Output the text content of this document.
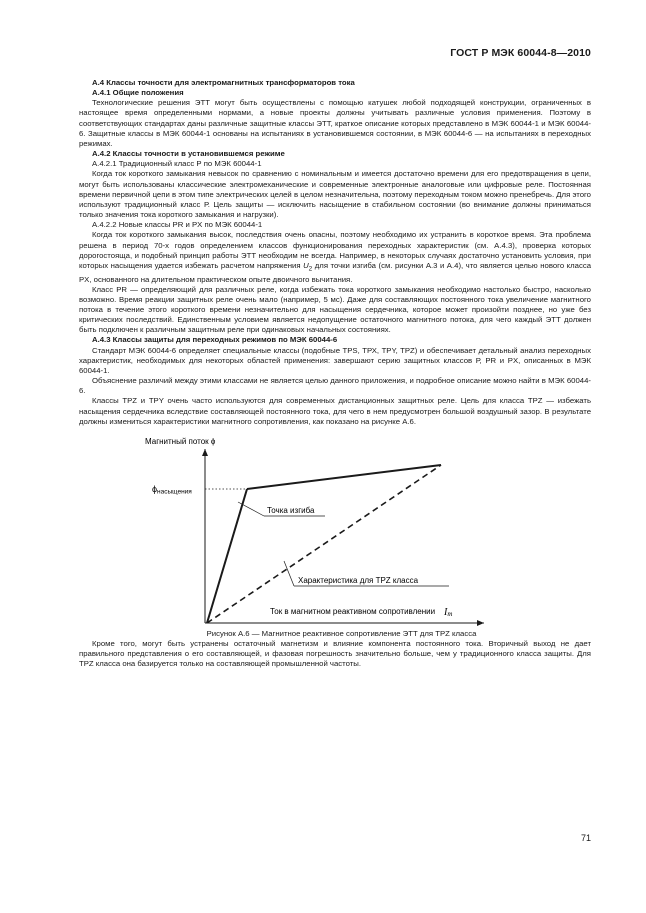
ГОСТ Р МЭК 60044-8—2010

А.4 Классы точности для электромагнитных трансформаторов тока

А.4.1 Общие положения

Технологические решения ЭТТ могут быть осуществлены с помощью катушек любой подходящей конструкции, ограниченных в настоящее время определенными нормами, а новые проекты должны учитывать различные условия применения. Поэтому в соответствующих стандартах даны различные защитные классы ЭТТ, краткое описание которых представлено в МЭК 60044-1 и МЭК 60044-6. Защитные классы в МЭК 60044-1 основаны на испытаниях в установившемся состоянии, в МЭК 60044-6 — на испытаниях в переходных режимах.

А.4.2 Классы точности в установившемся режиме

А.4.2.1 Традиционный класс Р по МЭК 60044-1

Когда ток короткого замыкания невысок по сравнению с номинальным и имеется достаточно времени для его предотвращения в цепи, могут быть использованы классические электромеханические и современные электронные аналоговые или цифровые реле. Постоянная времени первичной цепи в этом типе электрических целей в целом незначительна, поэтому переходным током можно пренебречь. Для этого используют традиционный класс Р. Цель защиты — исключить насыщение в стабильном состоянии (во внимание должны приниматься только значения тока короткого замыкания и нагрузки).

А.4.2.2 Новые классы PR и PX по МЭК 60044-1

Когда ток короткого замыкания высок, последствия очень опасны, поэтому необходимо их устранить в короткое время. Эта проблема решена в период 70-х годов определением классов функционирования переходных характеристик (см. А.4.3), проверка которых дорогостояща, и подобный принцип работы ЭТТ необходим не всегда. Например, в некоторых случаях достаточно установить условия, при которых насыщения удается избежать расчетом напряжения $U_2$ для точки изгиба (см. рисунки А.3 и А.4), что является целью нового класса PX, основанного на длительном практическом опыте двоичного вычитания.

Класс PR — определяющий для различных реле, когда избежать тока короткого замыкания необходимо настолько быстро, насколько возможно. Время реакции защитных реле очень мало (например, 5 мс). Даже для составляющих постоянного тока увеличение магнитного потока в течение этого короткого времени незначительно для насыщения сердечника, которое может произойти позднее, но уже без критических последствий. Единственным условием является недопущение остаточного магнитного потока, для чего каждый ЭТТ должен быть подключен к различным защитным реле при одинаковых начальных состояниях.

А.4.3 Классы защиты для переходных режимов по МЭК 60044-6

Стандарт МЭК 60044-6 определяет специальные классы (подобные TPS, ТРХ, TPY, TPZ) и обеспечивает детальный анализ переходных характеристик, необходимых для некоторых областей применения: завершают серию защитных классов Р, PR и PX, описанных в МЭК 60044-1.

Объяснение различий между этими классами не является целью данного приложения, и подробное описание можно найти в МЭК 60044-6.

Классы TPZ и TPY очень часто используются для современных дистанционных защитных реле. Цель для класса TPZ — избежать насыщения сердечника вследствие составляющей постоянного тока, для чего в нем предусмотрен большой воздушный зазор. В результате должны измениться характеристики магнитного сопротивления, как показано на рисунке А.6.

Магнитный поток ϕ
ϕнасыщения
Точка изгиба
Характеристика для TPZ класса
Ток в магнитном реактивном сопротивлении Im

Рисунок А.6 — Магнитное реактивное сопротивление ЭТТ для TPZ класса

Кроме того, могут быть устранены остаточный магнетизм и влияние компонента постоянного тока. Вторичный выход не дает правильного представления о его составляющей, и фазовая погрешность значительно больше, чем у традиционного класса защиты. Для TPZ класса она базируется только на составляющей промышленной частоты.

71
